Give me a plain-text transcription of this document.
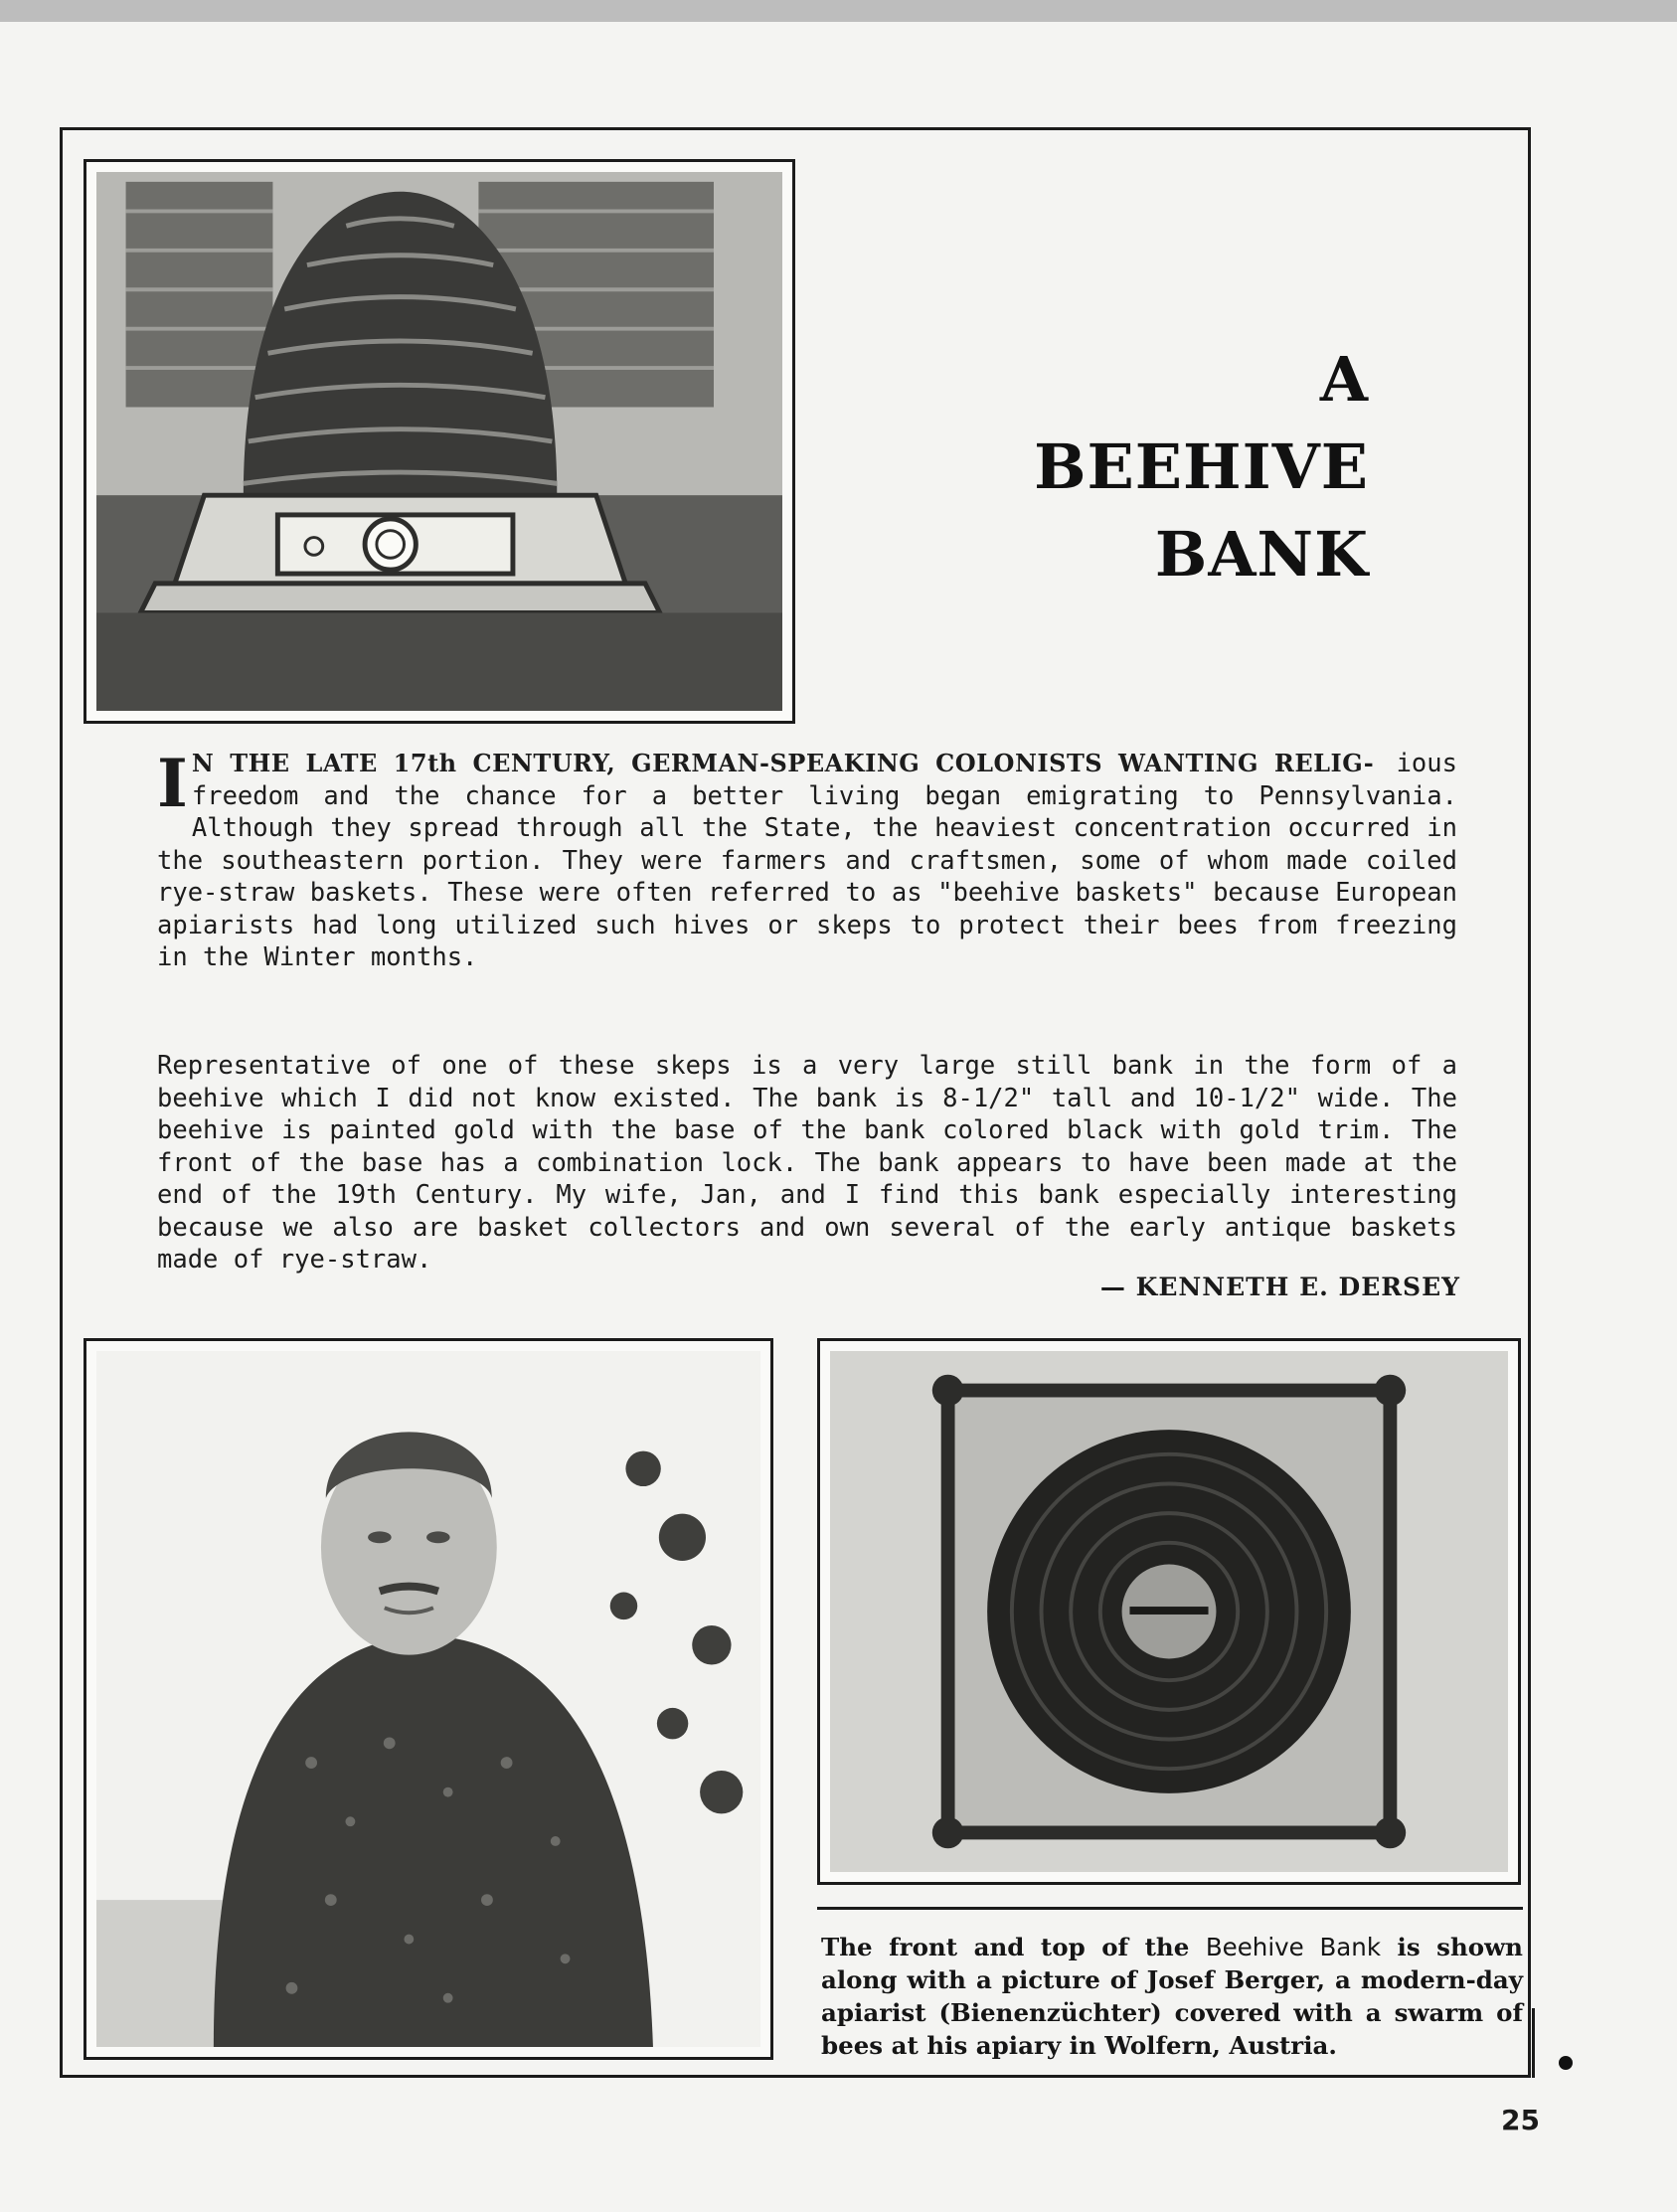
A
BEEHIVE
BANK
I N THE LATE 17th CENTURY, GERMAN-SPEAKING COLONISTS WANTING RELIG- ious freedom and the chance for a better living began emigrating to Pennsylvania. Although they spread through all the State, the heaviest concentration occurred in the southeastern portion. They were farmers and craftsmen, some of whom made coiled rye-straw baskets. These were often referred to as "beehive baskets" because European apiarists had long utilized such hives or skeps to protect their bees from freezing in the Winter months.
Representative of one of these skeps is a very large still bank in the form of a beehive which I did not know existed. The bank is 8-1/2" tall and 10-1/2" wide. The beehive is painted gold with the base of the bank colored black with gold trim. The front of the base has a combination lock. The bank appears to have been made at the end of the 19th Century. My wife, Jan, and I find this bank especially interesting because we also are basket collectors and own several of the early antique baskets made of rye-straw.
— KENNETH E. DERSEY
The front and top of the Beehive Bank is shown along with a picture of Josef Berger, a modern-day apiarist (Bienenzüchter) covered with a swarm of bees at his apiary in Wolfern, Austria.
25
